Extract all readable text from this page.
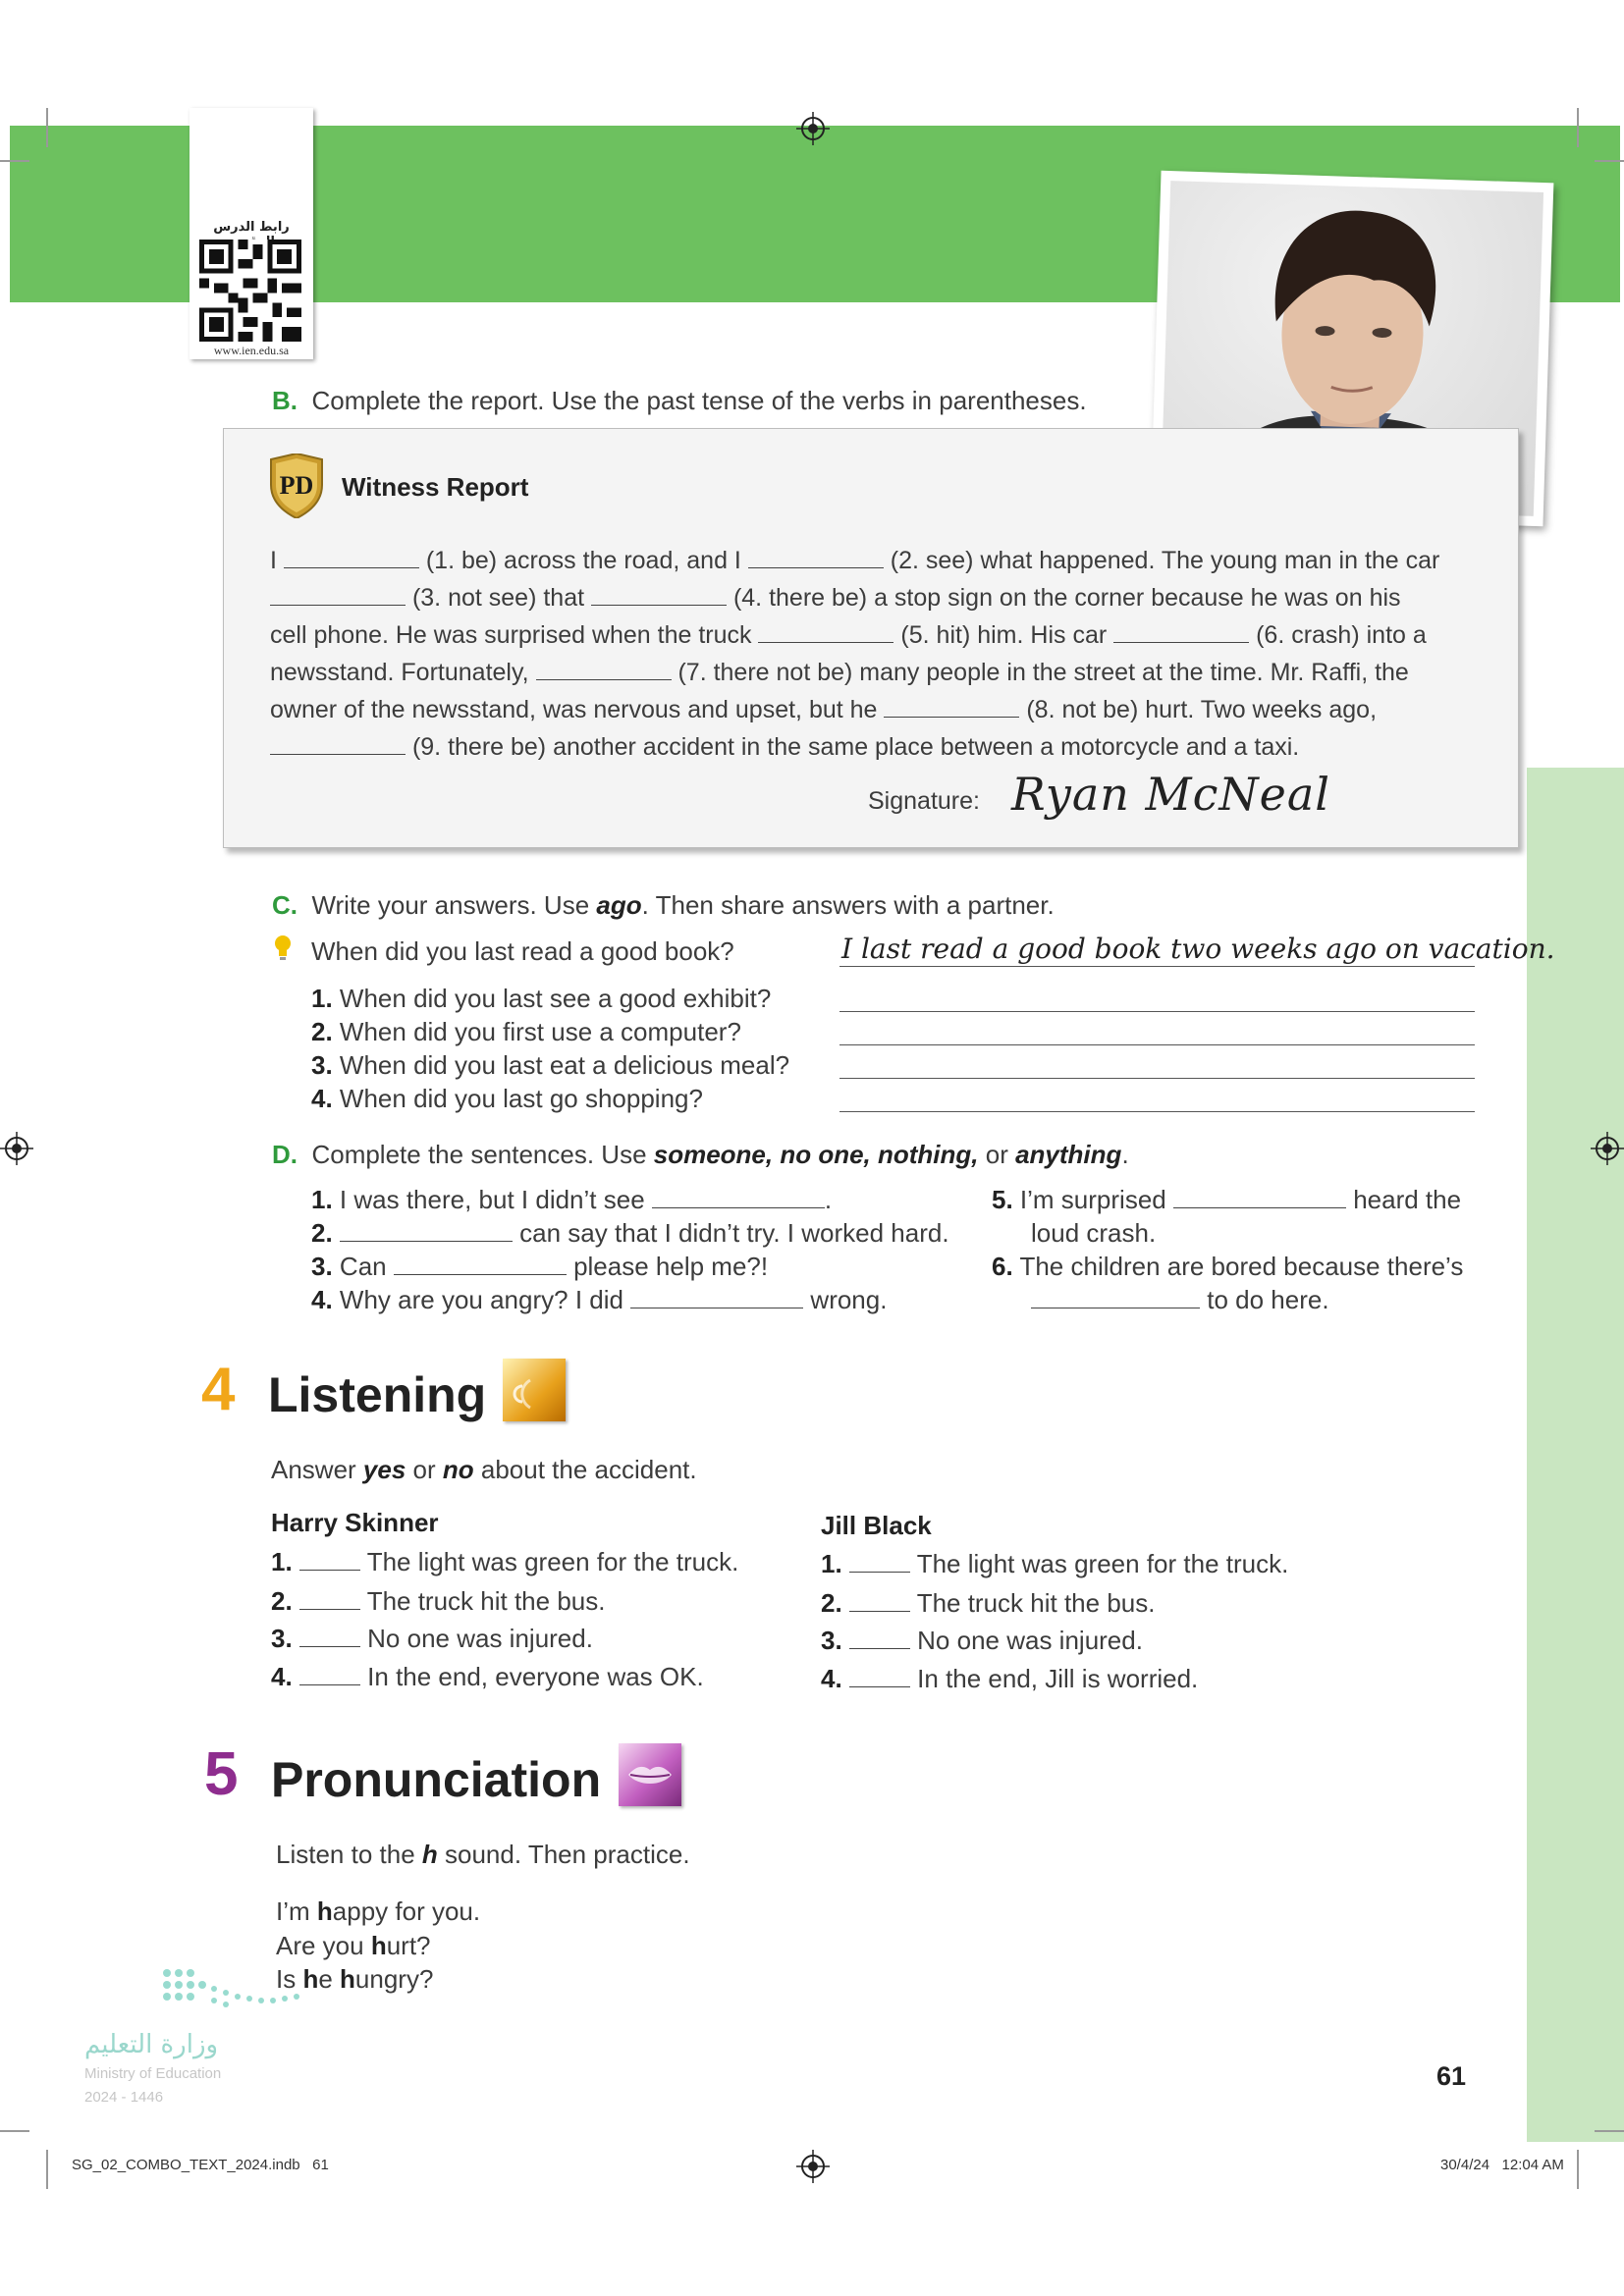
رابط الدرس
www.ien.edu.sa
B. Complete the report. Use the past tense of the verbs in parentheses.
PD Witness Report
I	(1. be) across the road, and I	(2. see) what happened. The young man in the car
(3. not see) that	(4. there be) a stop sign on the corner because he was on his
cell phone. He was surprised when the truck	(5. hit) him. His car	(6. crash) into a
newsstand. Fortunately,	(7. there not be) many people in the street at the time. Mr. Raffi, the
owner of the newsstand, was nervous and upset, but he	(8. not be) hurt. Two weeks ago,
(9. there be) another accident in the same place between a motorcycle and a taxi.
Signature: Ryan McNeal
C. Write your answers. Use ago. Then share answers with a partner.
When did you last read a good book?	I last read a good book two weeks ago on vacation.
1. When did you last see a good exhibit?
2. When did you first use a computer?
3. When did you last eat a delicious meal?
4. When did you last go shopping?
D. Complete the sentences. Use someone, no one, nothing, or anything.
1. I was there, but I didn’t see	.
2.	can say that I didn’t try. I worked hard.
3. Can	please help me?!
4. Why are you angry? I did	wrong.
5. I’m surprised	heard the
loud crash.
6. The children are bored because there’s
to do here.
4 Listening
Answer yes or no about the accident.
Harry Skinner	Jill Black
1.	The light was green for the truck.
2.	The truck hit the bus.
3.	No one was injured.
4.	In the end, everyone was OK.
1.	The light was green for the truck.
2.	The truck hit the bus.
3.	No one was injured.
4.	In the end, Jill is worried.
5 Pronunciation
Listen to the h sound. Then practice.
I’m happy for you.
Are you hurt?
Is he hungry?
وزارة التعليم
Ministry of Education
2024 - 1446
61
SG_02_COMBO_TEXT_2024.indb   61	30/4/24   12:04 AM
